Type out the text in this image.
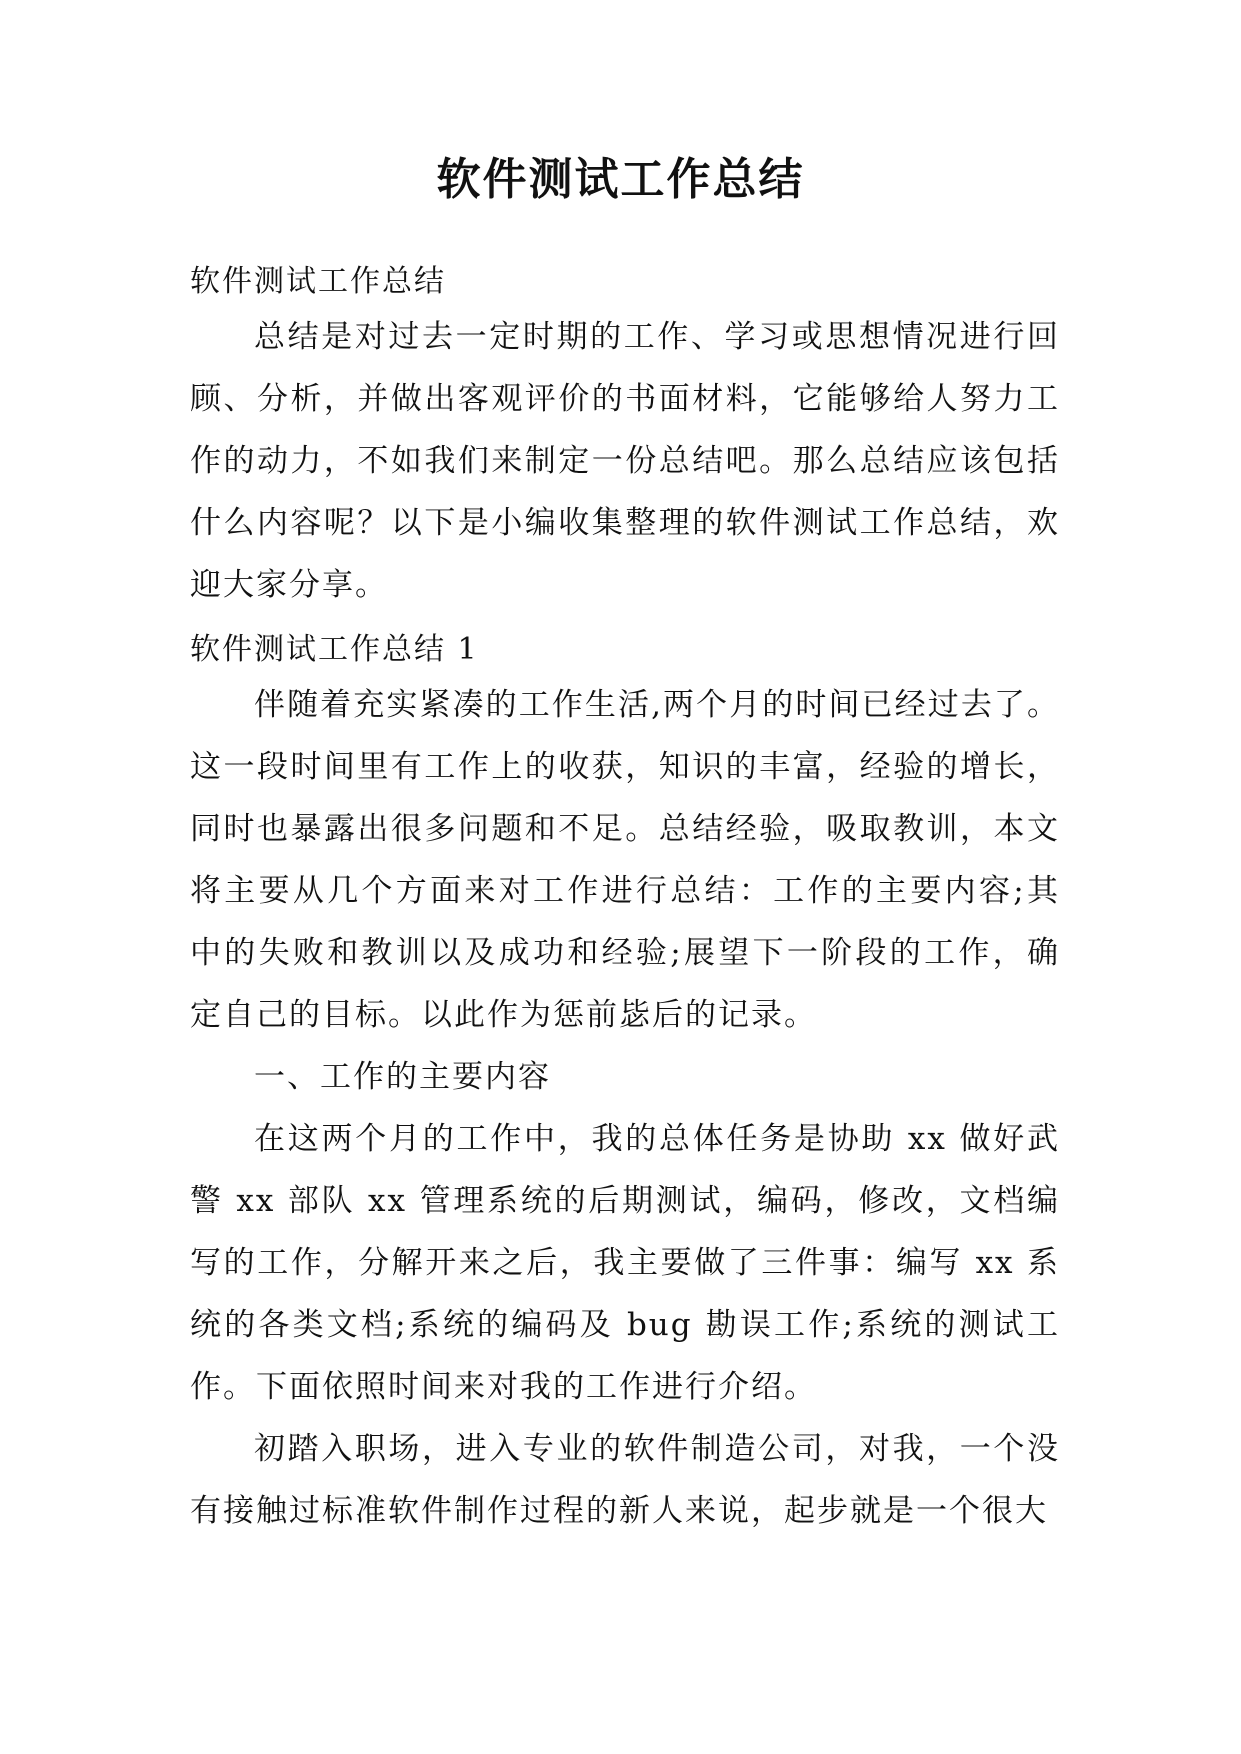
软件测试工作总结
软件测试工作总结

总结是对过去一定时期的工作、学习或思想情况进行回顾、分析，并做出客观评价的书面材料，它能够给人努力工作的动力，不如我们来制定一份总结吧。那么总结应该包括什么内容呢？以下是小编收集整理的软件测试工作总结，欢迎大家分享。

软件测试工作总结 1

伴随着充实紧凑的工作生活,两个月的时间已经过去了。这一段时间里有工作上的收获，知识的丰富，经验的增长，同时也暴露出很多问题和不足。总结经验，吸取教训，本文将主要从几个方面来对工作进行总结：工作的主要内容;其中的失败和教训以及成功和经验;展望下一阶段的工作，确定自己的目标。以此作为惩前毖后的记录。

一、工作的主要内容

在这两个月的工作中，我的总体任务是协助 xx 做好武警 xx 部队 xx 管理系统的后期测试，编码，修改，文档编写的工作，分解开来之后，我主要做了三件事：编写 xx 系统的各类文档;系统的编码及 bug 勘误工作;系统的测试工作。下面依照时间来对我的工作进行介绍。

初踏入职场，进入专业的软件制造公司，对我，一个没有接触过标准软件制作过程的新人来说，起步就是一个很大
